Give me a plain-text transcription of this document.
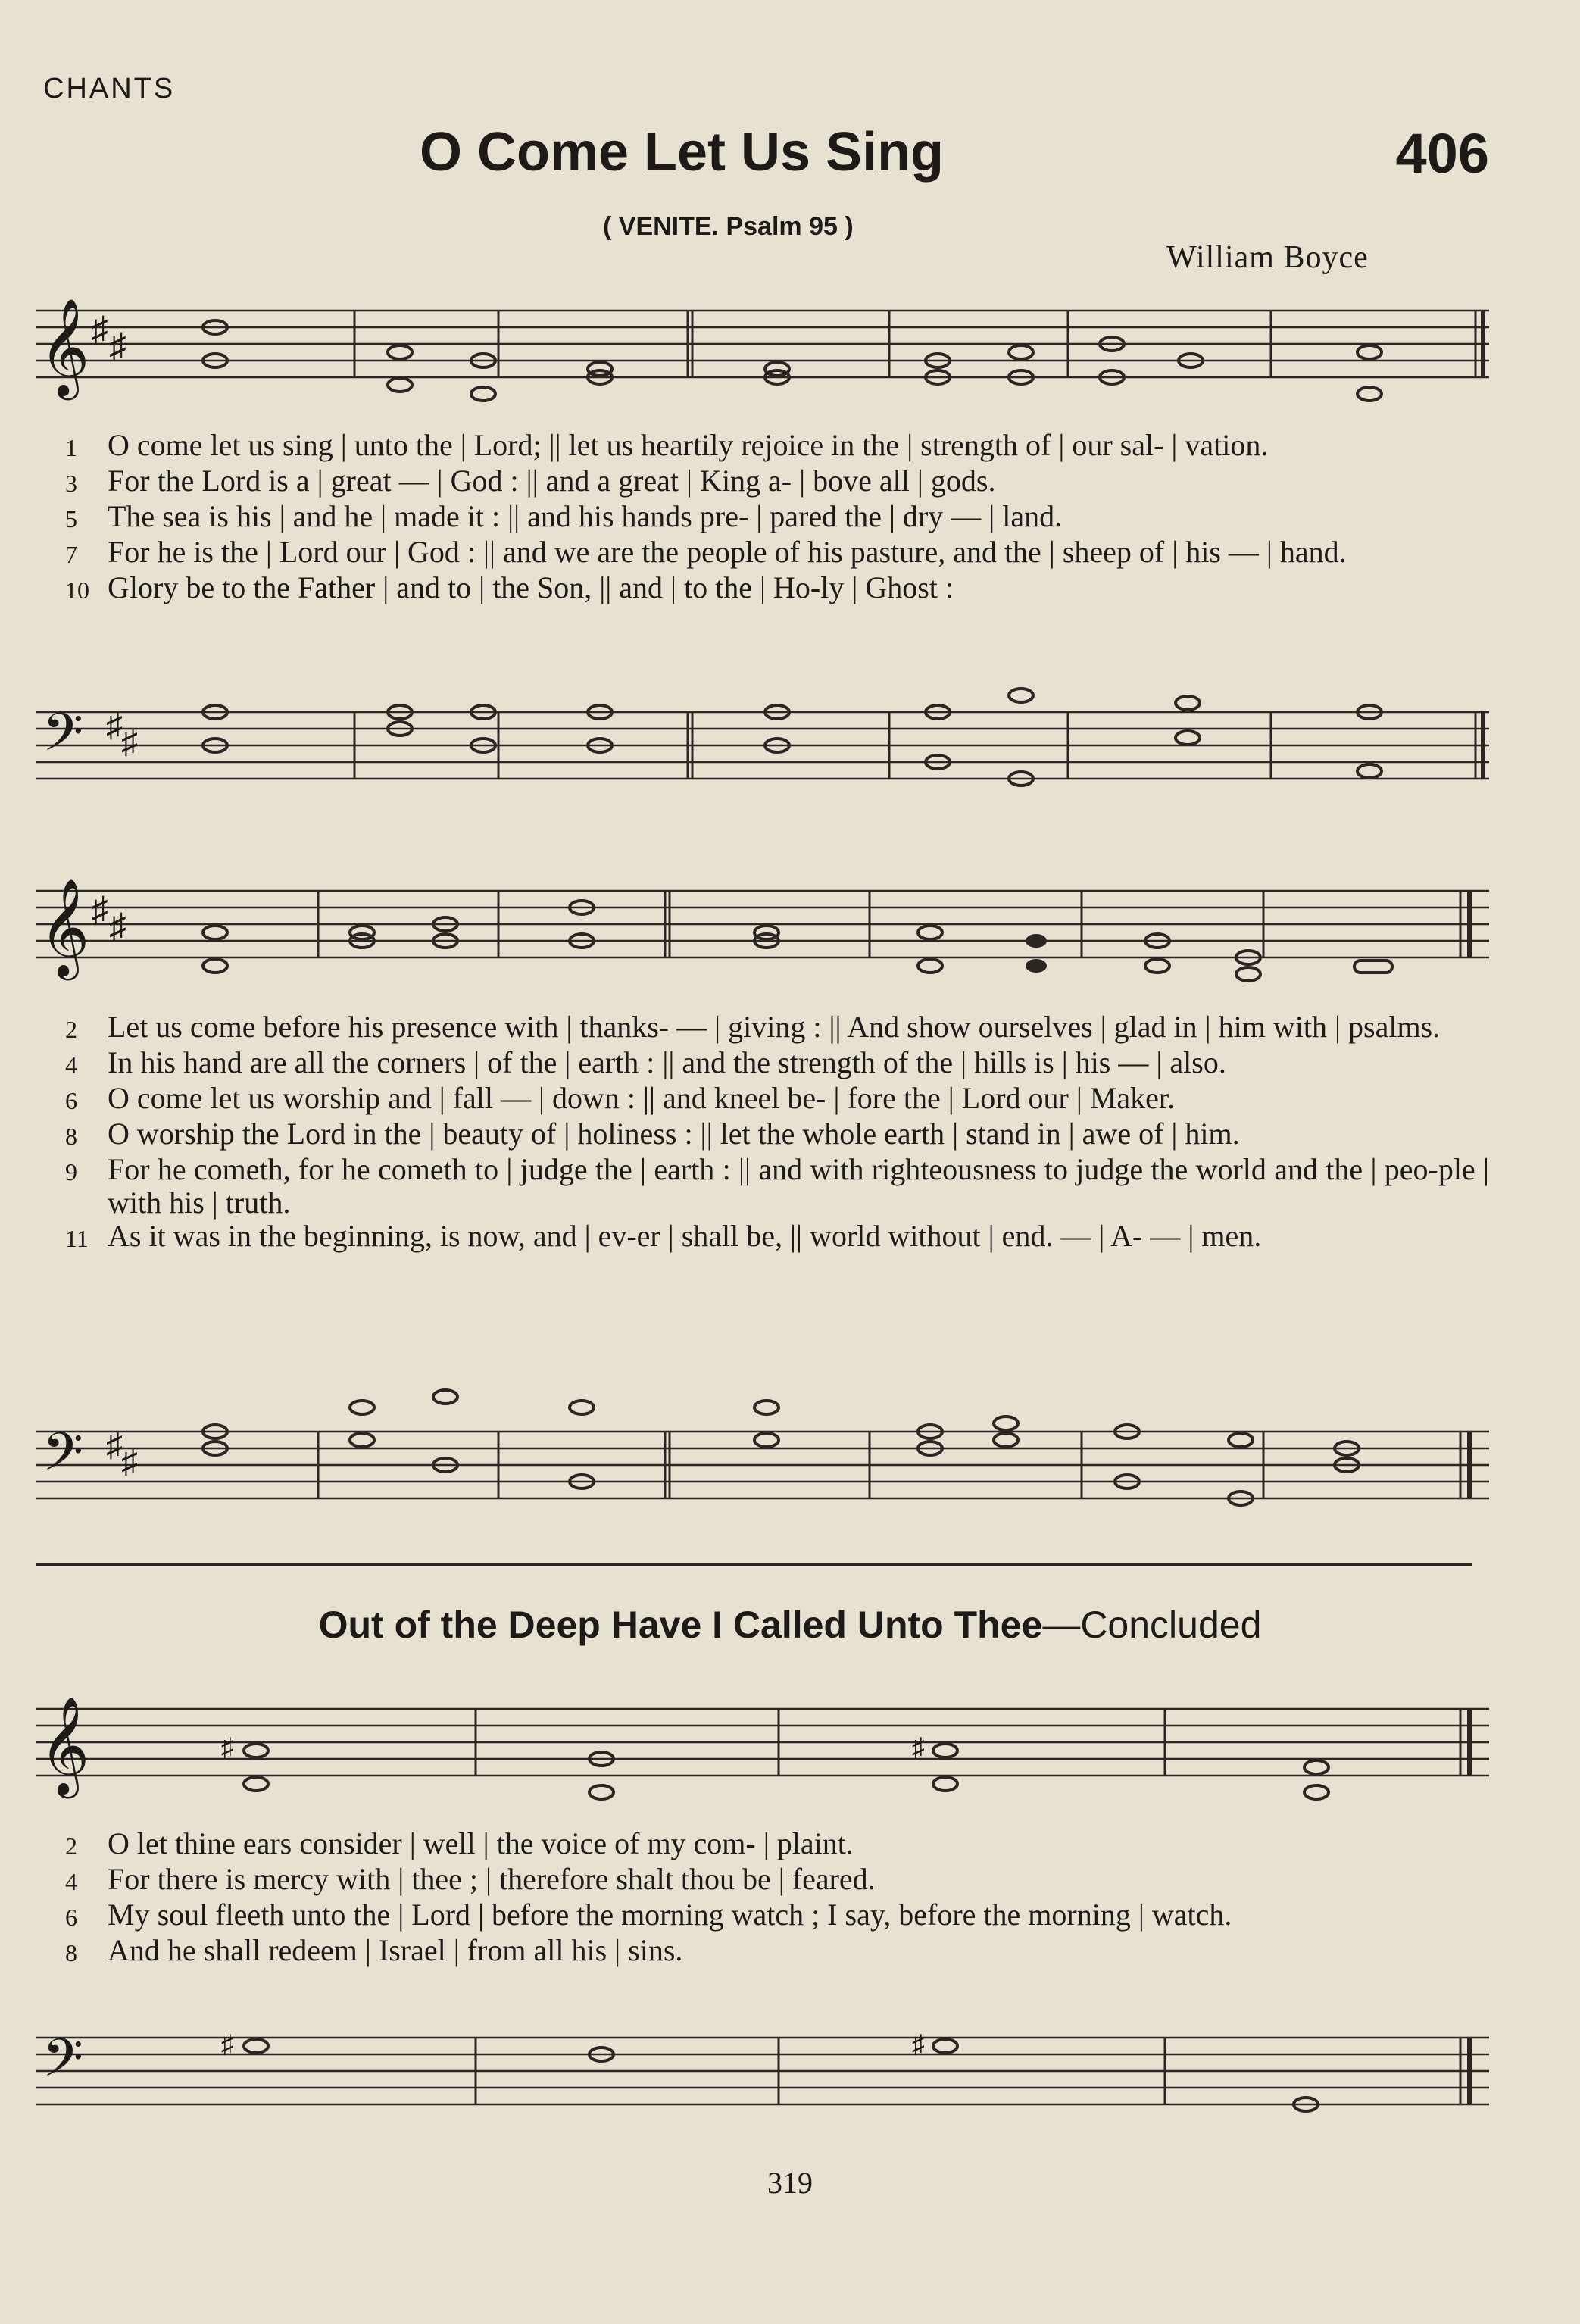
CHANTS
O Come Let Us Sing	406
( VENITE. Psalm 95 )
William Boyce
𝄞 ♯ ♯
1	O come let us sing | unto the | Lord; || let us heartily rejoice in the | strength of | our sal- | vation.
3	For the Lord is a | great — | God : || and a great | King a- | bove all | gods.
5	The sea is his | and he | made it : || and his hands pre- | pared the | dry — | land.
7	For he is the | Lord our | God : || and we are the people of his pasture, and the | sheep of | his — | hand.
10 Glory be to the Father | and to | the Son, || and | to the | Ho-ly | Ghost :
𝄢 ♯
♯
𝄞 ♯ ♯
2	Let us come before his presence with | thanks- — | giving : || And show ourselves | glad in | him with | psalms.
4	In his hand are all the corners | of the | earth : || and the strength of the | hills is | his — | also.
6	O come let us worship and | fall — | down : || and kneel be- | fore the | Lord our | Maker.
8	O worship the Lord in the | beauty of | holiness : || let the whole earth | stand in | awe of | him.
9	For he cometh, for he cometh to | judge the | earth : || and with righteousness to judge the world and the | peo-ple | with his | truth.
11 As it was in the beginning, is now, and | ev-er | shall be, || world without | end. — | A- — | men.
𝄢 ♯
♯
Out of the Deep Have I Called Unto Thee—Concluded
𝄞	♯	♯
2	O let thine ears consider | well | the voice of my com- | plaint.
4	For there is mercy with | thee ; | therefore shalt thou be | feared.
6	My soul fleeth unto the | Lord | before the morning watch ; I say, before the morning | watch.
8	And he shall redeem | Israel | from all his | sins.
𝄢	♯	♯
319
